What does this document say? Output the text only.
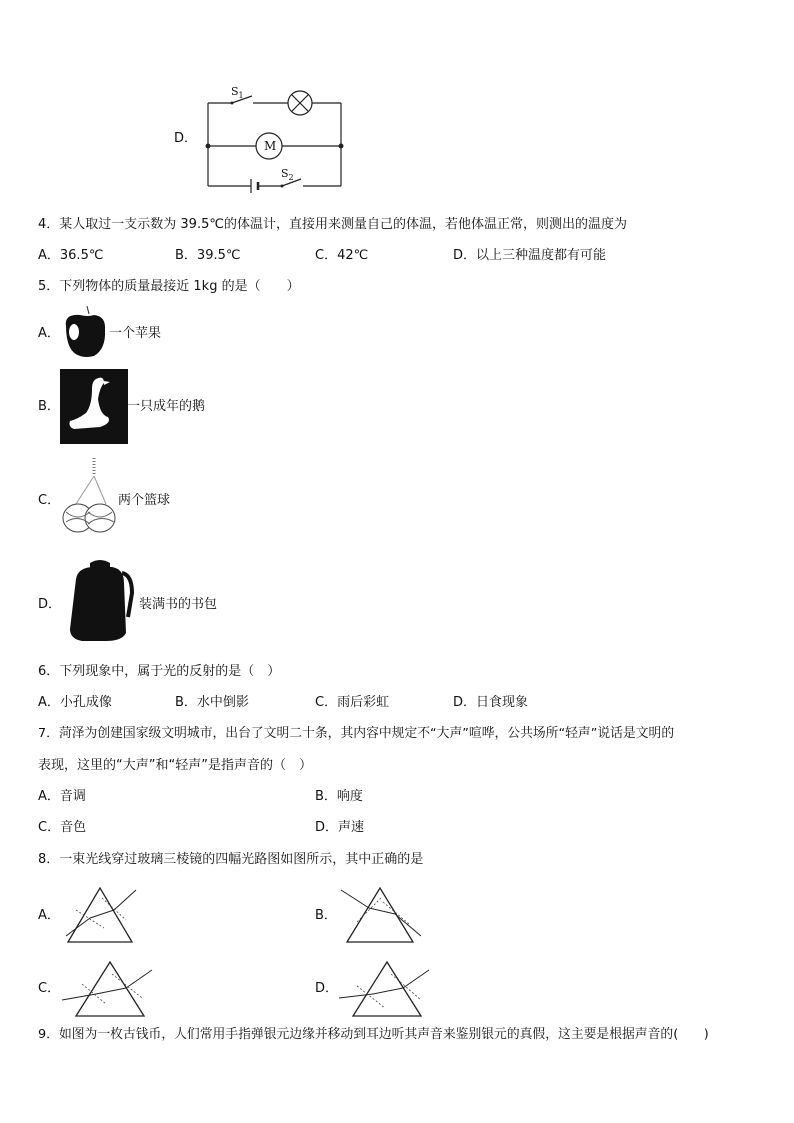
D．
$S_1$
M
$S_2$
4．某人取过一支示数为 39.5℃的体温计，直接用来测量自己的体温，若他体温正常，则测出的温度为
A．36.5℃	B．39.5℃	C．42℃	D．以上三种温度都有可能
5．下列物体的质量最接近 1kg 的是（　　）
A．	一个苹果
B．	一只成年的鹅
C．	两个篮球
D．	装满书的书包
6．下列现象中，属于光的反射的是（　）
A．小孔成像	B．水中倒影	C．雨后彩虹	D．日食现象
7．菏泽为创建国家级文明城市，出台了文明二十条，其内容中规定不“大声”喧哗，公共场所“轻声”说话是文明的
表现，这里的“大声”和“轻声”是指声音的（　）
A．音调	B．响度
C．音色	D．声速
8．一束光线穿过玻璃三棱镜的四幅光路图如图所示，其中正确的是
A．	B．
C．	D．
9．如图为一枚古钱币，人们常用手指弹银元边缘并移动到耳边听其声音来鉴别银元的真假，这主要是根据声音的(　　)
